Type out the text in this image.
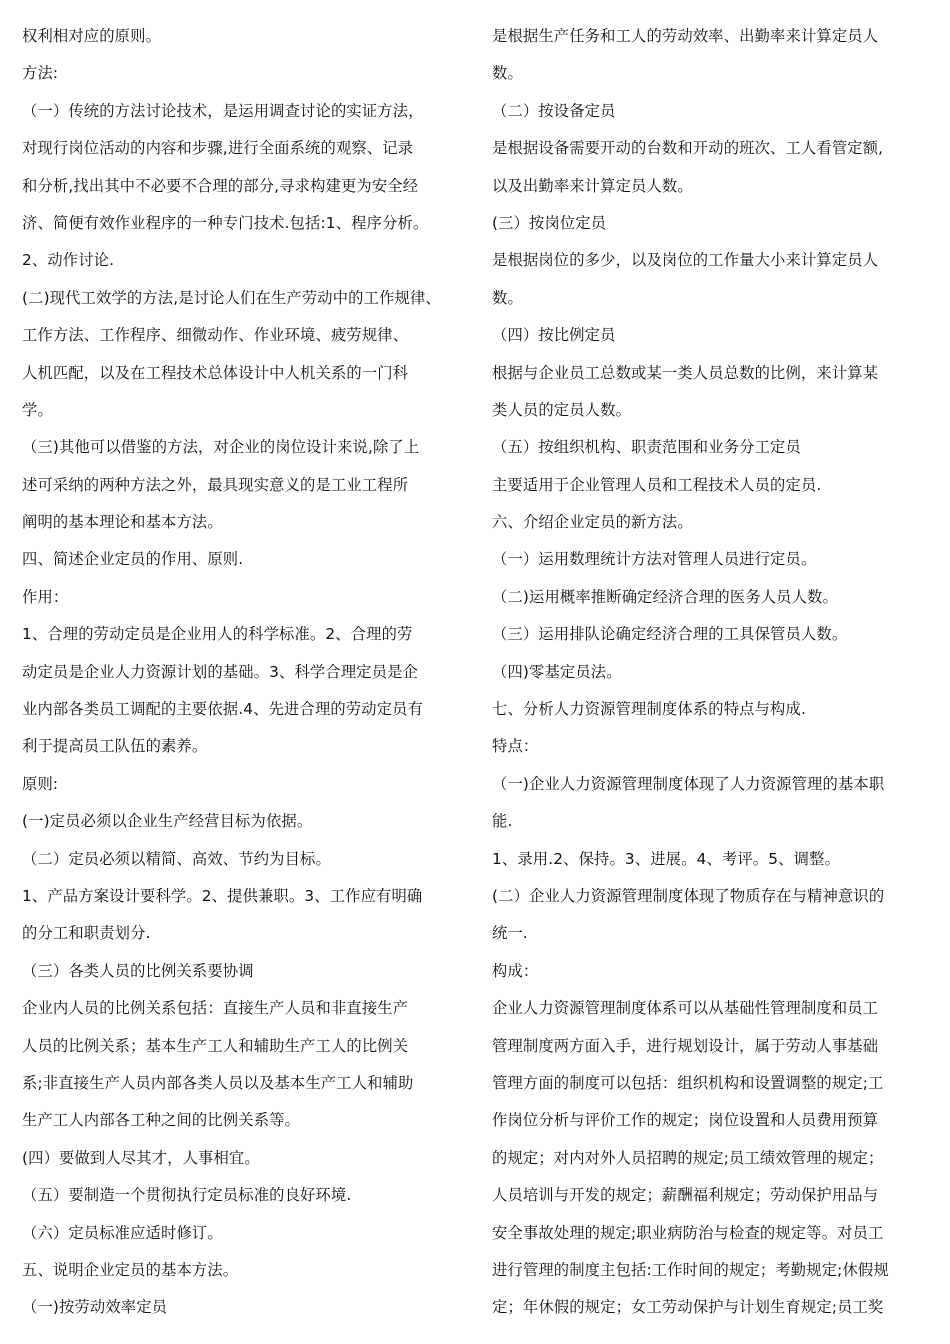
权利相对应的原则。
方法:
（一）传统的方法讨论技术，是运用调查讨论的实证方法，
对现行岗位活动的内容和步骤,进行全面系统的观察、记录
和分析,找出其中不必要不合理的部分,寻求构建更为安全经
济、简便有效作业程序的一种专门技术.包括:1、程序分析。
2、动作讨论.
(二)现代工效学的方法,是讨论人们在生产劳动中的工作规律、
工作方法、工作程序、细微动作、作业环境、疲劳规律、
人机匹配，以及在工程技术总体设计中人机关系的一门科
学。
（三)其他可以借鉴的方法，对企业的岗位设计来说,除了上
述可采纳的两种方法之外，最具现实意义的是工业工程所
阐明的基本理论和基本方法。
四、简述企业定员的作用、原则.
作用：
1、合理的劳动定员是企业用人的科学标准。2、合理的劳
动定员是企业人力资源计划的基础。3、科学合理定员是企
业内部各类员工调配的主要依据.4、先进合理的劳动定员有
利于提高员工队伍的素养。
原则:
(一)定员必须以企业生产经营目标为依据。
（二）定员必须以精简、高效、节约为目标。
1、产品方案设计要科学。2、提供兼职。3、工作应有明确
的分工和职责划分.
（三）各类人员的比例关系要协调
企业内人员的比例关系包括：直接生产人员和非直接生产
人员的比例关系；基本生产工人和辅助生产工人的比例关
系;非直接生产人员内部各类人员以及基本生产工人和辅助
生产工人内部各工种之间的比例关系等。
(四）要做到人尽其才，人事相宜。
（五）要制造一个贯彻执行定员标准的良好环境.
（六）定员标准应适时修订。
五、说明企业定员的基本方法。
（一)按劳动效率定员
是根据生产任务和工人的劳动效率、出勤率来计算定员人
数。
（二）按设备定员
是根据设备需要开动的台数和开动的班次、工人看管定额,
以及出勤率来计算定员人数。
(三）按岗位定员
是根据岗位的多少，以及岗位的工作量大小来计算定员人
数。
（四）按比例定员
根据与企业员工总数或某一类人员总数的比例，来计算某
类人员的定员人数。
（五）按组织机构、职责范围和业务分工定员
主要适用于企业管理人员和工程技术人员的定员.
六、介绍企业定员的新方法。
（一）运用数理统计方法对管理人员进行定员。
（二)运用概率推断确定经济合理的医务人员人数。
（三）运用排队论确定经济合理的工具保管员人数。
（四)零基定员法。
七、分析人力资源管理制度体系的特点与构成.
特点：
（一)企业人力资源管理制度体现了人力资源管理的基本职
能.
1、录用.2、保持。3、进展。4、考评。5、调整。
(二）企业人力资源管理制度体现了物质存在与精神意识的
统一.
构成：
企业人力资源管理制度体系可以从基础性管理制度和员工
管理制度两方面入手，进行规划设计，属于劳动人事基础
管理方面的制度可以包括：组织机构和设置调整的规定;工
作岗位分析与评价工作的规定；岗位设置和人员费用预算
的规定；对内对外人员招聘的规定;员工绩效管理的规定；
人员培训与开发的规定；薪酬福利规定；劳动保护用品与
安全事故处理的规定;职业病防治与检查的规定等。对员工
进行管理的制度主包括:工作时间的规定；考勤规定;休假规
定；年休假的规定；女工劳动保护与计划生育规定;员工奖
